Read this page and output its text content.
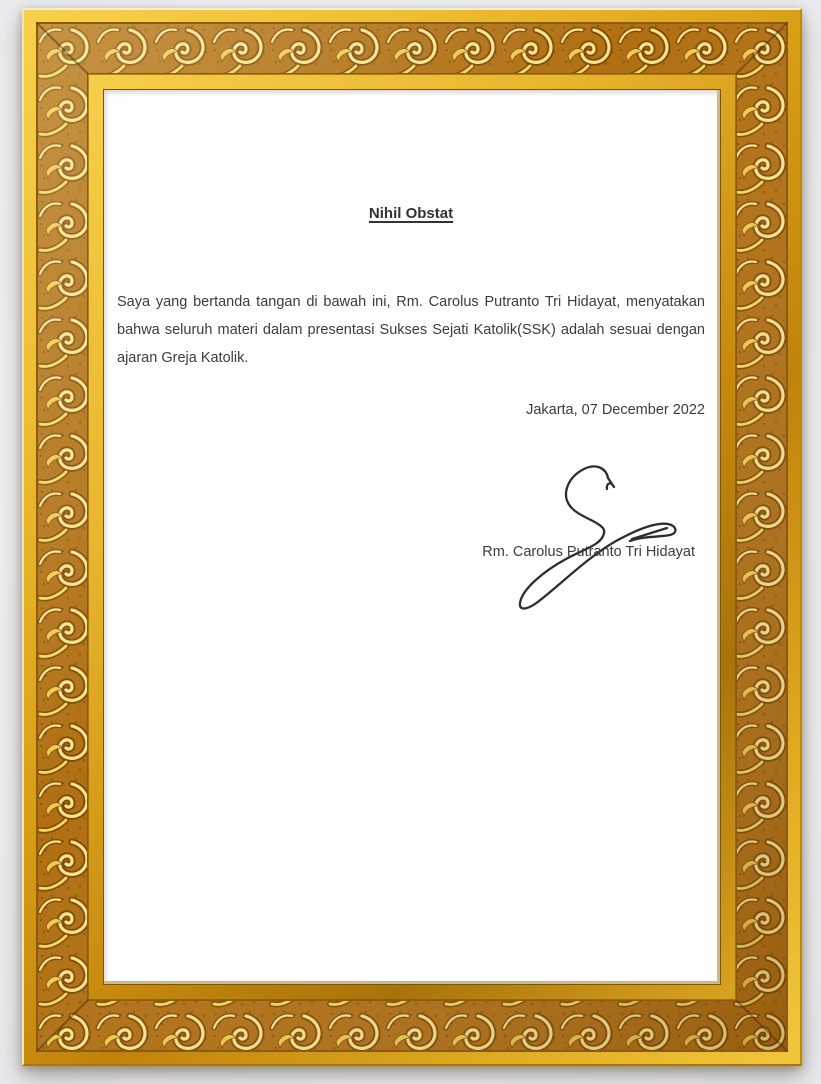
Nihil Obstat
Saya yang bertanda tangan di bawah ini, Rm. Carolus Putranto Tri Hidayat, menyatakan bahwa seluruh materi dalam presentasi Sukses Sejati Katolik(SSK) adalah sesuai dengan ajaran Greja Katolik.
Jakarta, 07 December 2022
Rm. Carolus Putranto Tri Hidayat
